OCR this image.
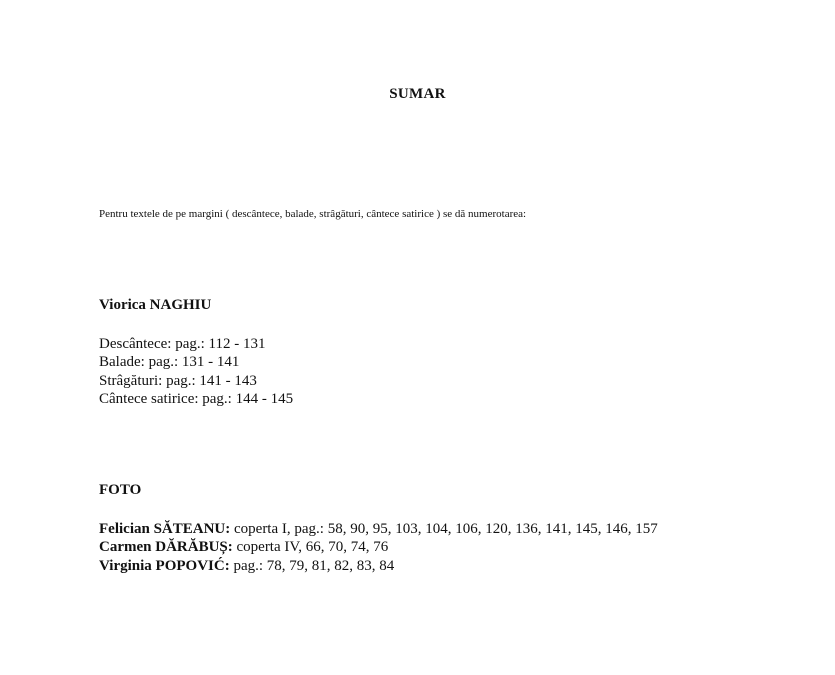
SUMAR
Pentru textele de pe margini ( descântece, balade, strâgături, cântece satirice ) se dă numerotarea:
Viorica NAGHIU
Descântece: pag.: 112 - 131
Balade: pag.: 131 - 141
Strâgături: pag.: 141 - 143
Cântece satirice: pag.: 144 - 145
FOTO
Felician SĂTEANU: coperta I, pag.: 58, 90, 95, 103, 104, 106, 120, 136, 141, 145, 146, 157
Carmen DĂRĂBUȘ: coperta IV, 66, 70, 74, 76
Virginia POPOVIĆ: pag.: 78, 79, 81, 82, 83, 84
